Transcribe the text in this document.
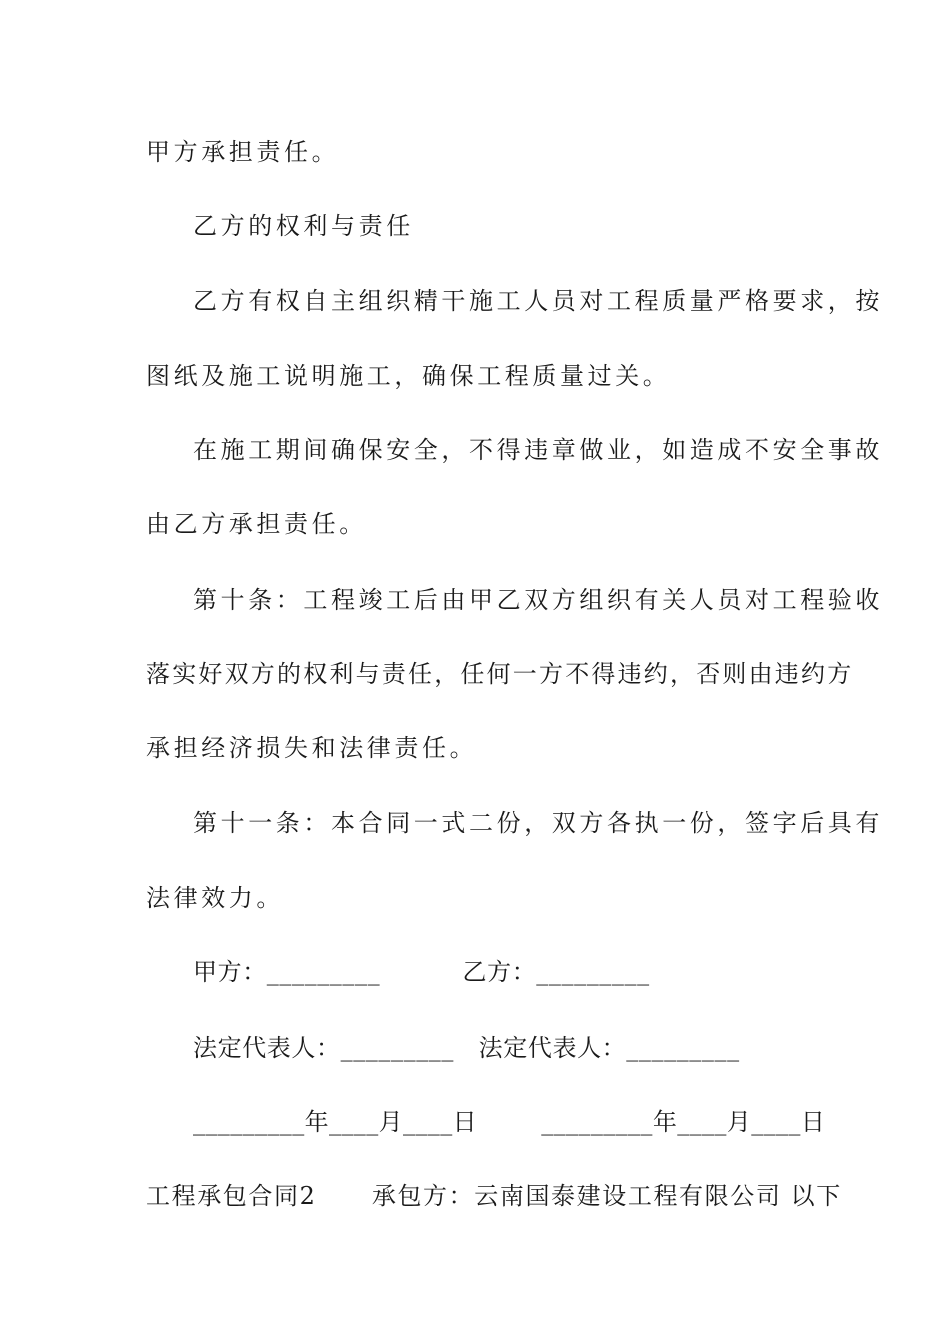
甲方承担责任。
乙方的权利与责任
乙方有权自主组织精干施工人员对工程质量严格要求，按
图纸及施工说明施工，确保工程质量过关。
在施工期间确保安全，不得违章做业，如造成不安全事故
由乙方承担责任。
第十条：工程竣工后由甲乙双方组织有关人员对工程验收
落实好双方的权利与责任，任何一方不得违约，否则由违约方
承担经济损失和法律责任。
第十一条：本合同一式二份，双方各执一份，签字后具有
法律效力。
甲方：_________          乙方：_________
法定代表人：_________   法定代表人：_________
_________年____月____日        _________年____月____日
工程承包合同2      承包方：云南国泰建设工程有限公司 以下
